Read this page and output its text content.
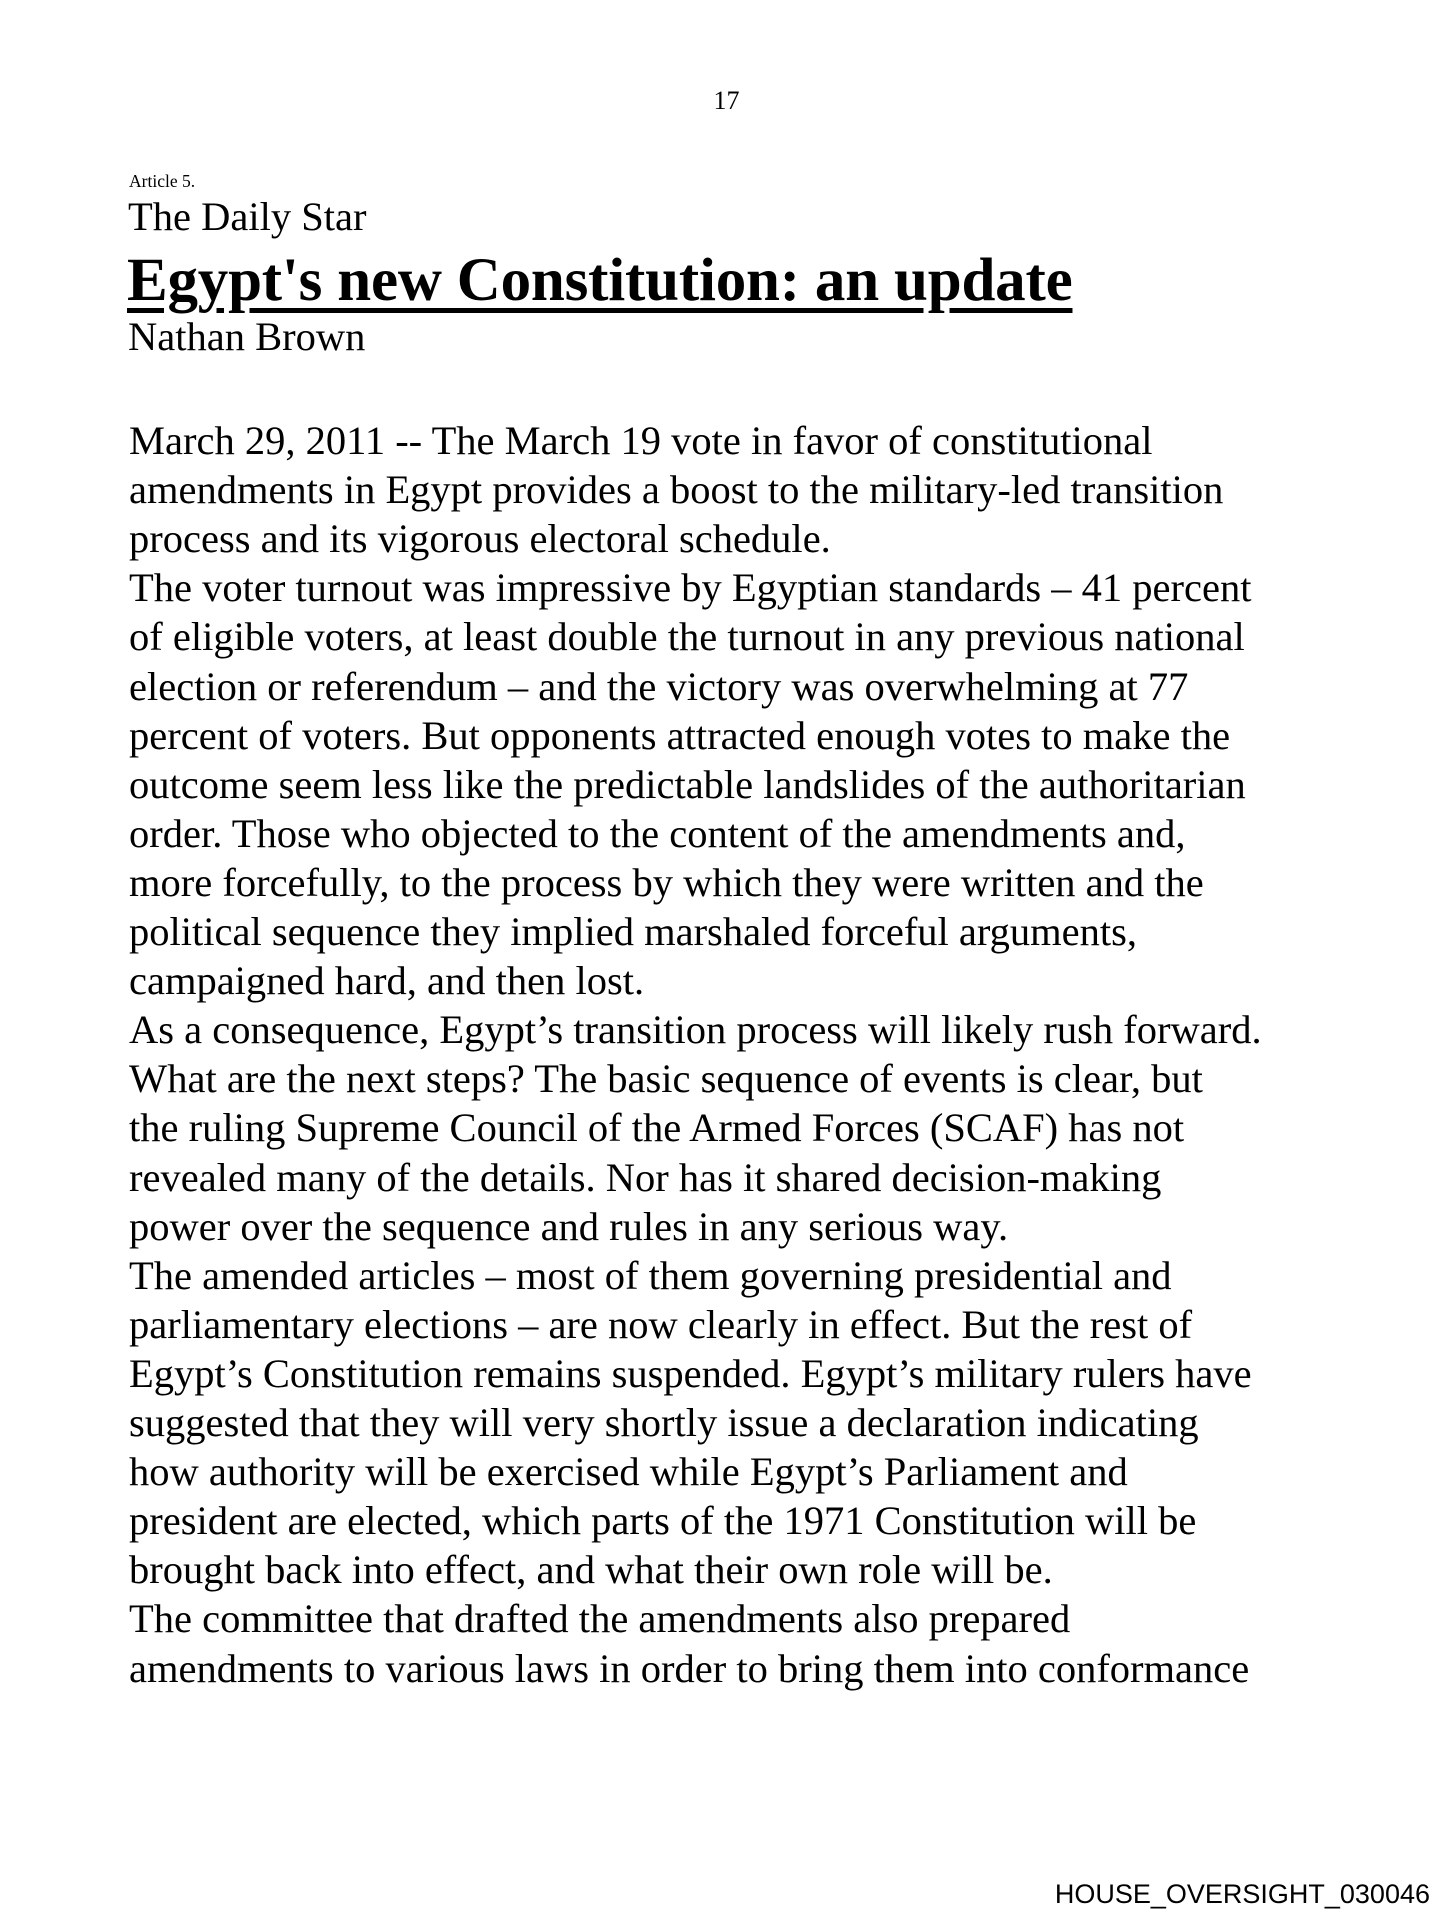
17
Article 5.
The Daily Star
Egypt's new Constitution: an update
Nathan Brown
March 29, 2011 -- The March 19 vote in favor of constitutional
amendments in Egypt provides a boost to the military-led transition
process and its vigorous electoral schedule.
The voter turnout was impressive by Egyptian standards – 41 percent
of eligible voters, at least double the turnout in any previous national
election or referendum – and the victory was overwhelming at 77
percent of voters. But opponents attracted enough votes to make the
outcome seem less like the predictable landslides of the authoritarian
order. Those who objected to the content of the amendments and,
more forcefully, to the process by which they were written and the
political sequence they implied marshaled forceful arguments,
campaigned hard, and then lost.
As a consequence, Egypt’s transition process will likely rush forward.
What are the next steps? The basic sequence of events is clear, but
the ruling Supreme Council of the Armed Forces (SCAF) has not
revealed many of the details. Nor has it shared decision-making
power over the sequence and rules in any serious way.
The amended articles – most of them governing presidential and
parliamentary elections – are now clearly in effect. But the rest of
Egypt’s Constitution remains suspended. Egypt’s military rulers have
suggested that they will very shortly issue a declaration indicating
how authority will be exercised while Egypt’s Parliament and
president are elected, which parts of the 1971 Constitution will be
brought back into effect, and what their own role will be.
The committee that drafted the amendments also prepared
amendments to various laws in order to bring them into conformance
HOUSE_OVERSIGHT_030046
